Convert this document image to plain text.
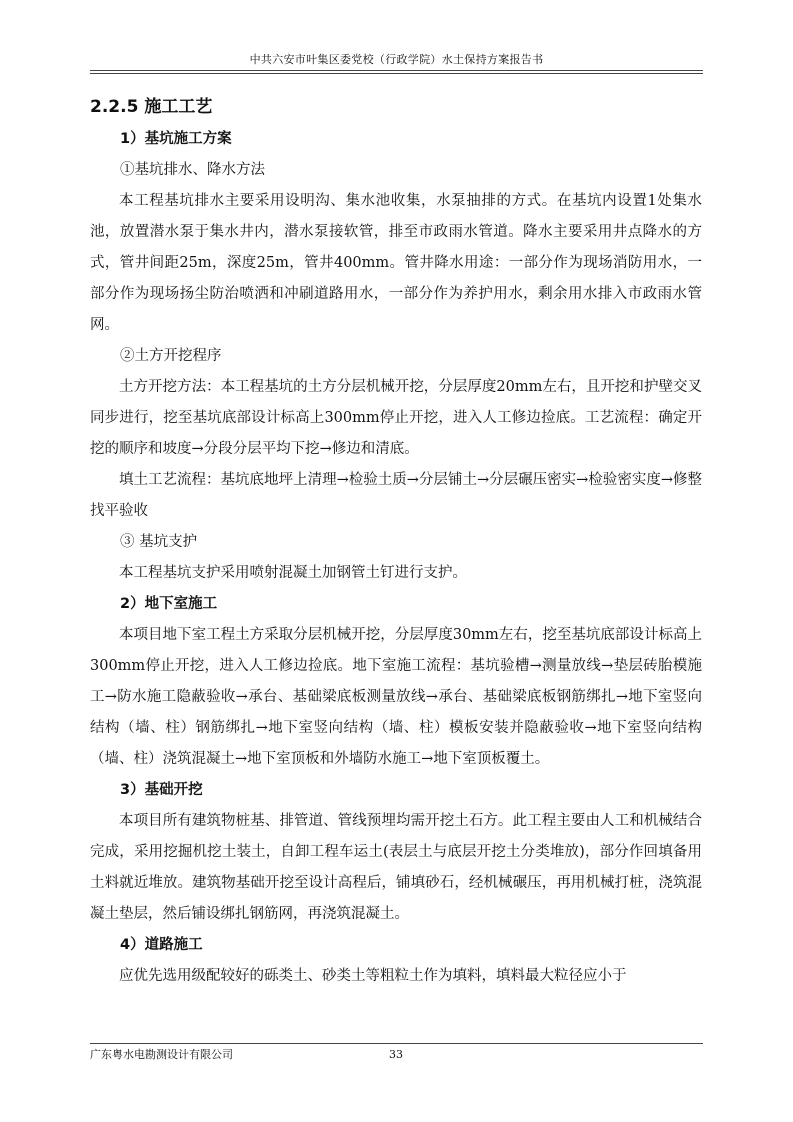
中共六安市叶集区委党校（行政学院）水土保持方案报告书

2.2.5 施工工艺

1）基坑施工方案

①基坑排水、降水方法

本工程基坑排水主要采用设明沟、集水池收集，水泵抽排的方式。在基坑内设置1处集水池，放置潜水泵于集水井内，潜水泵接软管，排至市政雨水管道。降水主要采用井点降水的方式，管井间距25m，深度25m，管井400mm。管井降水用途：一部分作为现场消防用水，一部分作为现场扬尘防治喷洒和冲刷道路用水，一部分作为养护用水，剩余用水排入市政雨水管网。

②土方开挖程序

土方开挖方法：本工程基坑的土方分层机械开挖，分层厚度20mm左右，且开挖和护壁交叉同步进行，挖至基坑底部设计标高上300mm停止开挖，进入人工修边捡底。工艺流程：确定开挖的顺序和坡度→分段分层平均下挖→修边和清底。

填土工艺流程：基坑底地坪上清理→检验土质→分层铺土→分层碾压密实→检验密实度→修整找平验收

③ 基坑支护

本工程基坑支护采用喷射混凝土加钢管土钉进行支护。

2）地下室施工

本项目地下室工程土方采取分层机械开挖，分层厚度30mm左右，挖至基坑底部设计标高上300mm停止开挖，进入人工修边捡底。地下室施工流程：基坑验槽→测量放线→垫层砖胎模施工→防水施工隐蔽验收→承台、基础梁底板测量放线→承台、基础梁底板钢筋绑扎→地下室竖向结构（墙、柱）钢筋绑扎→地下室竖向结构（墙、柱）模板安装并隐蔽验收→地下室竖向结构（墙、柱）浇筑混凝土→地下室顶板和外墙防水施工→地下室顶板覆土。

3）基础开挖

本项目所有建筑物桩基、排管道、管线预埋均需开挖土石方。此工程主要由人工和机械结合完成，采用挖掘机挖土装土，自卸工程车运土(表层土与底层开挖土分类堆放)，部分作回填备用土料就近堆放。建筑物基础开挖至设计高程后，铺填砂石，经机械碾压，再用机械打桩，浇筑混凝土垫层，然后铺设绑扎钢筋网，再浇筑混凝土。

4）道路施工

应优先选用级配较好的砾类土、砂类土等粗粒土作为填料，填料最大粒径应小于

广东粤水电勘测设计有限公司	33
